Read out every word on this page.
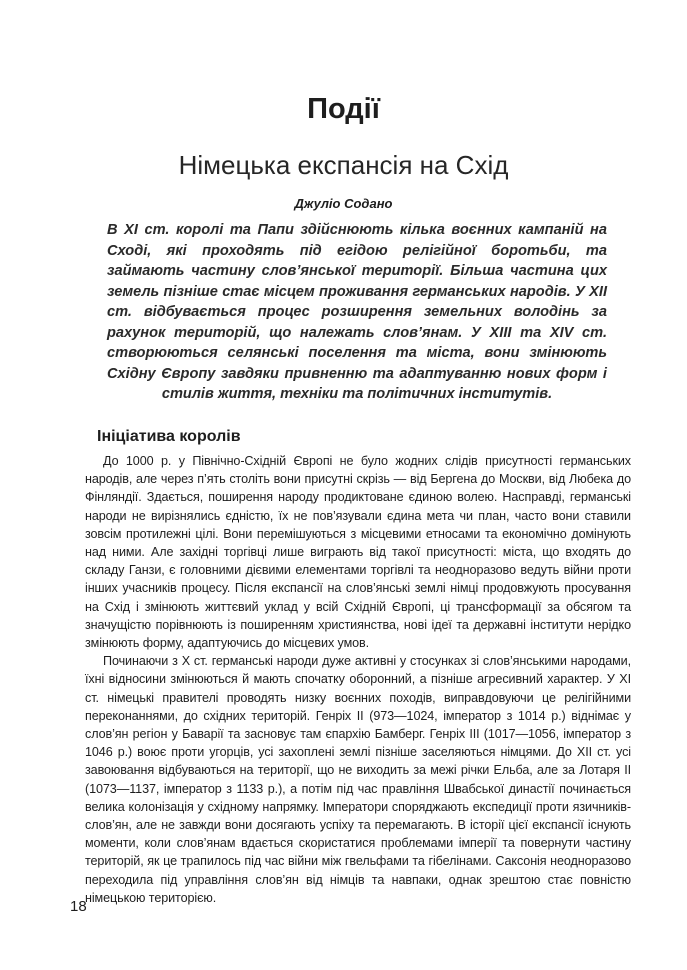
Події
Німецька експансія на Схід

Джуліо Содано

В XI ст. королі та Папи здійснюють кілька воєнних кампаній на Сході, які проходять під егідою релігійної боротьби, та займають частину слов’янської території. Більша частина цих земель пізніше стає місцем проживання германських народів. У XII ст. відбувається процес розширення земельних володінь за рахунок територій, що належать слов’янам. У XIII та XIV ст. створюються селянські поселення та міста, вони змінюють Східну Європу завдяки привненню та адаптуванню нових форм і стилів життя, техніки та політичних інститутів.

Ініціатива королів

До 1000 р. у Північно-Східній Європі не було жодних слідів присутності германських народів, але через п’ять століть вони присутні скрізь — від Бергена до Москви, від Любека до Фінляндії. Здається, поширення народу продиктоване єдиною волею. Насправді, германські народи не вирізнялись єдністю, їх не пов’язували єдина мета чи план, часто вони ставили зовсім протилежні цілі. Вони перемішуються з місцевими етносами та економічно домінують над ними. Але західні торгівці лише виграють від такої присутності: міста, що входять до складу Ганзи, є головними дієвими елементами торгівлі та неодноразово ведуть війни проти інших учасників процесу. Після експансії на слов’янські землі німці продовжують просування на Схід і змінюють життєвий уклад у всій Східній Європі, ці трансформації за обсягом та значущістю порівнюють із поширенням християнства, нові ідеї та державні інститути нерідко змінюють форму, адаптуючись до місцевих умов.

Починаючи з X ст. германські народи дуже активні у стосунках зі слов’янськими народами, їхні відносини змінюються й мають спочатку оборонний, а пізніше агресивний характер. У XI ст. німецькі правителі проводять низку воєнних походів, виправдовуючи це релігійними переконаннями, до східних територій. Генріх II (973—1024, імператор з 1014 р.) віднімає у слов’ян регіон у Баварії та засновує там єпархію Бамберг. Генріх III (1017—1056, імператор з 1046 р.) воює проти угорців, усі захоплені землі пізніше заселяються німцями. До XII ст. усі завоювання відбуваються на території, що не виходить за межі річки Ельба, але за Лотаря II (1073—1137, імператор з 1133 р.), а потім під час правління Швабської династії починається велика колонізація у східному напрямку. Імператори споряджають експедиції проти язичників-слов’ян, але не завжди вони досягають успіху та перемагають. В історії цієї експансії існують моменти, коли слов’янам вдається скористатися проблемами імперії та повернути частину територій, як це трапилось під час війни між гвельфами та гібелінами. Саксонія неодноразово переходила під управління слов’ян від німців та навпаки, однак зрештою стає повністю німецькою територією.

18
